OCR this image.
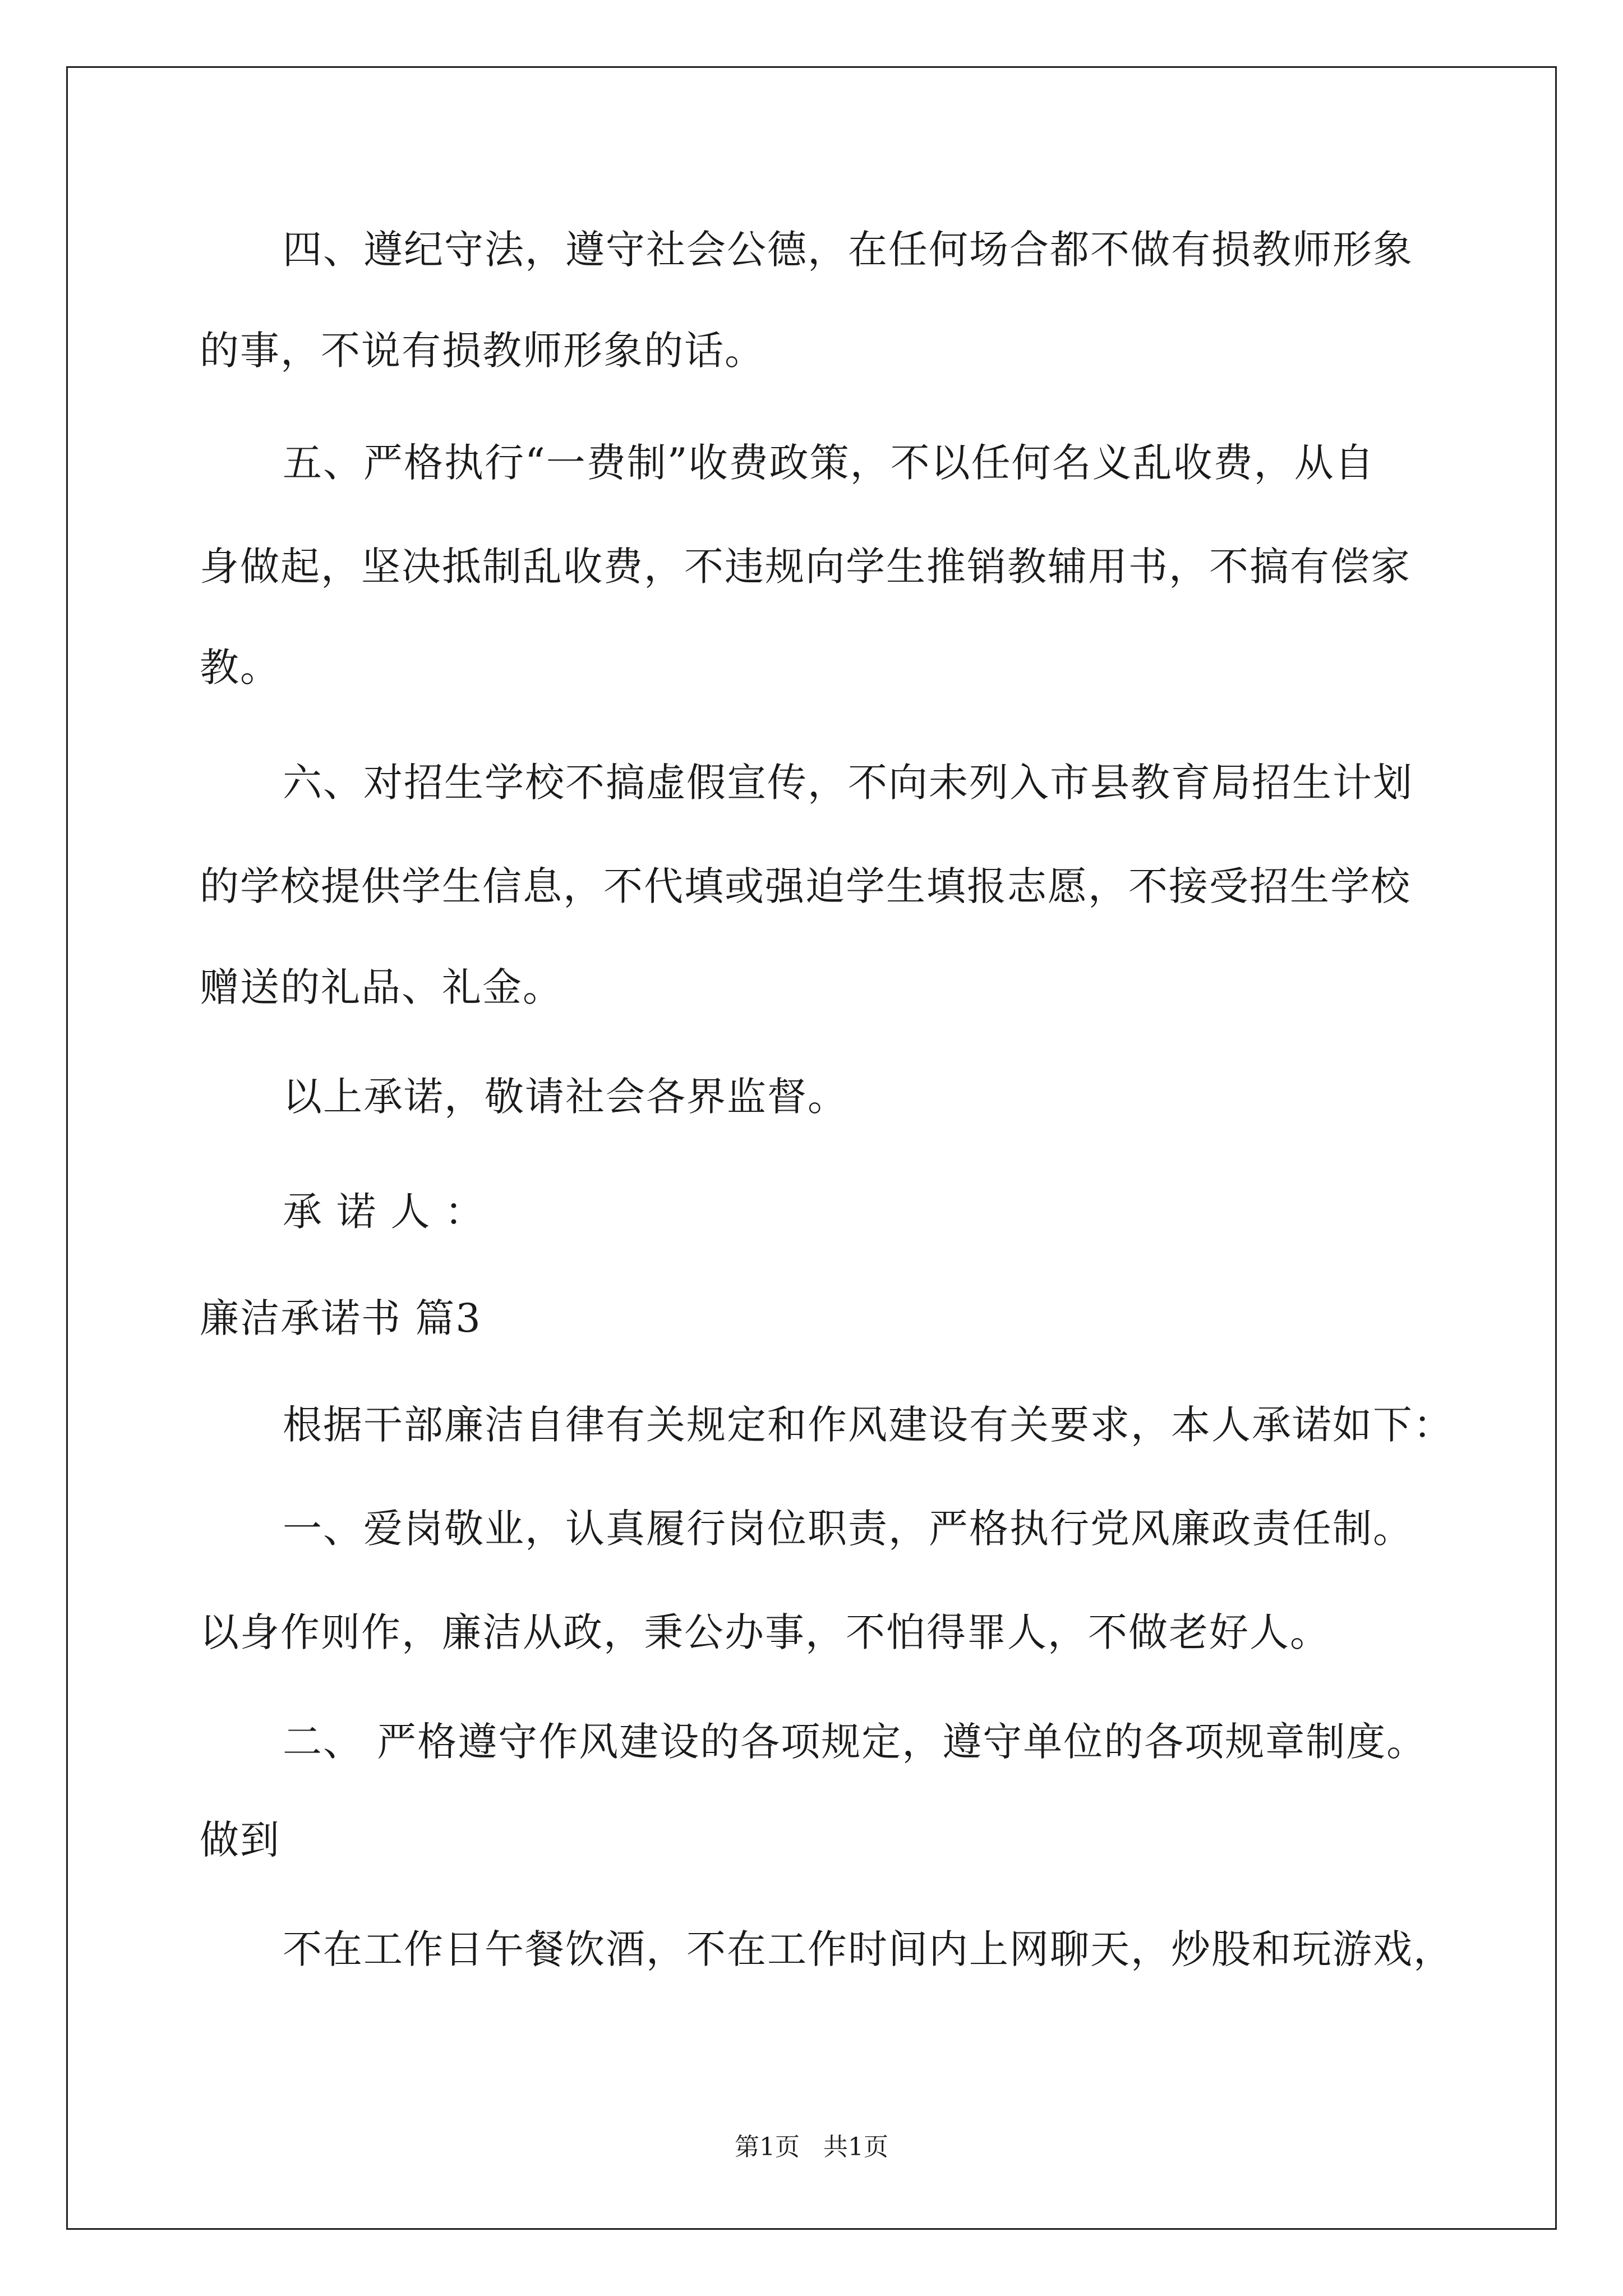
四、遵纪守法，遵守社会公德，在任何场合都不做有损教师形象
的事，不说有损教师形象的话。
五、严格执行“一费制”收费政策，不以任何名义乱收费，从自
身做起，坚决抵制乱收费，不违规向学生推销教辅用书，不搞有偿家
教。
六、对招生学校不搞虚假宣传，不向未列入市县教育局招生计划
的学校提供学生信息，不代填或强迫学生填报志愿，不接受招生学校
赠送的礼品、礼金。
以上承诺，敬请社会各界监督。
承 诺 人 ：
廉洁承诺书 篇3
根据干部廉洁自律有关规定和作风建设有关要求，本人承诺如下：
一、爱岗敬业，认真履行岗位职责，严格执行党风廉政责任制。
以身作则作，廉洁从政，秉公办事，不怕得罪人，不做老好人。
二、 严格遵守作风建设的各项规定，遵守单位的各项规章制度。
做到
不在工作日午餐饮酒，不在工作时间内上网聊天，炒股和玩游戏，
第1页   共1页
